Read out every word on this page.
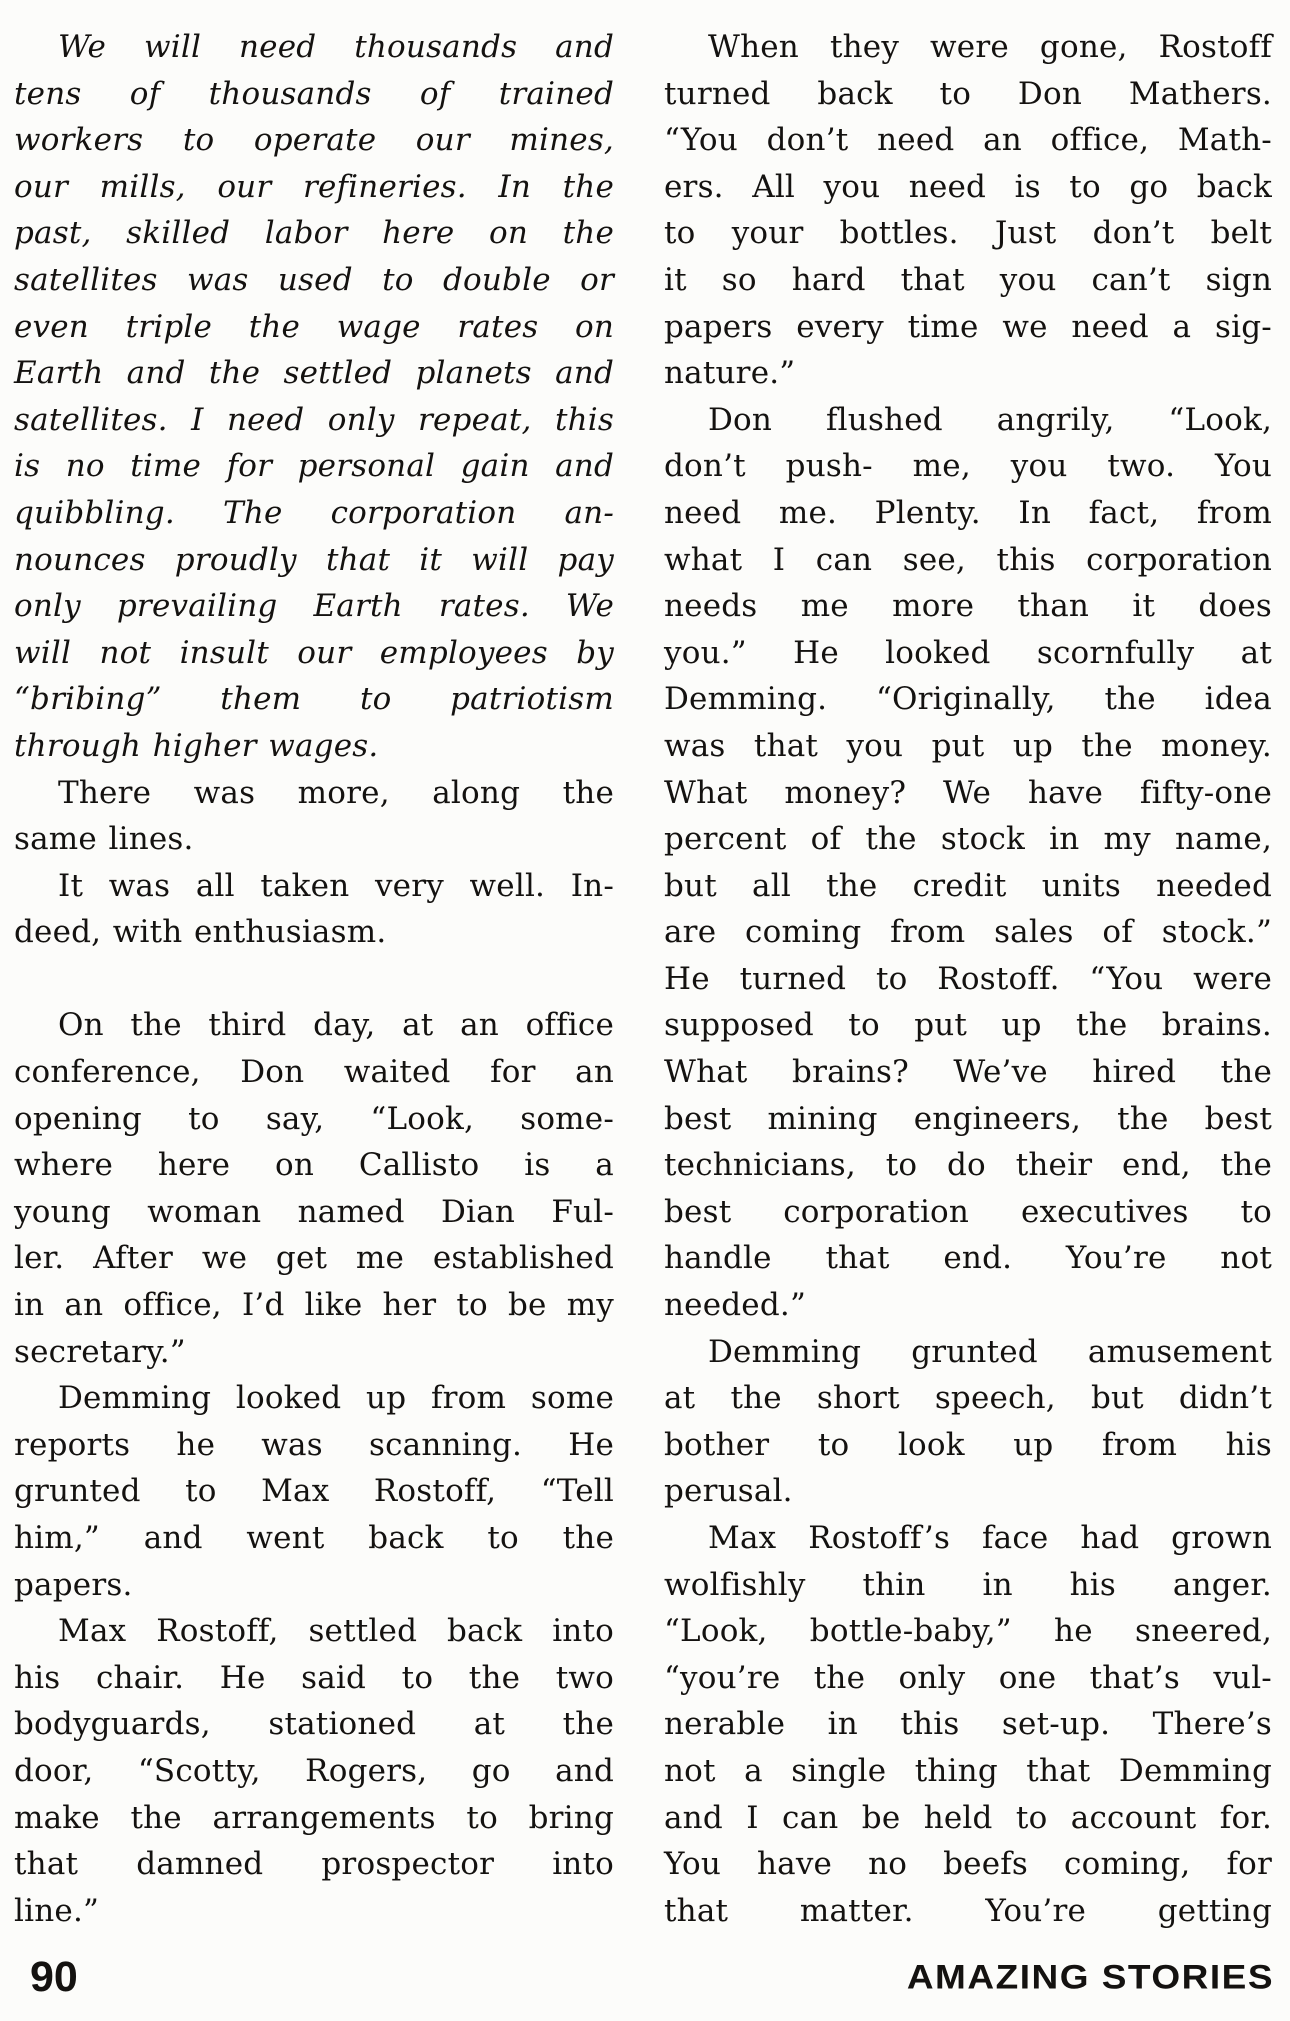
We will need thousands and
tens of thousands of trained
workers to operate our mines,
our mills, our refineries. In the
past, skilled labor here on the
satellites was used to double or
even triple the wage rates on
Earth and the settled planets and
satellites. I need only repeat, this
is no time for personal gain and
quibbling. The corporation an-
nounces proudly that it will pay
only prevailing Earth rates. We
will not insult our employees by
“bribing” them to patriotism
through higher wages.
There was more, along the
same lines.
It was all taken very well. In-
deed, with enthusiasm.
On the third day, at an office
conference, Don waited for an
opening to say, “Look, some-
where here on Callisto is a
young woman named Dian Ful-
ler. After we get me established
in an office, I’d like her to be my
secretary.”
Demming looked up from some
reports he was scanning. He
grunted to Max Rostoff, “Tell
him,” and went back to the
papers.
Max Rostoff, settled back into
his chair. He said to the two
bodyguards, stationed at the
door, “Scotty, Rogers, go and
make the arrangements to bring
that damned prospector into
line.”
When they were gone, Rostoff
turned back to Don Mathers.
“You don’t need an office, Math-
ers. All you need is to go back
to your bottles. Just don’t belt
it so hard that you can’t sign
papers every time we need a sig-
nature.”
Don flushed angrily, “Look,
don’t push- me, you two. You
need me. Plenty. In fact, from
what I can see, this corporation
needs me more than it does
you.” He looked scornfully at
Demming. “Originally, the idea
was that you put up the money.
What money? We have fifty-one
percent of the stock in my name,
but all the credit units needed
are coming from sales of stock.”
He turned to Rostoff. “You were
supposed to put up the brains.
What brains? We’ve hired the
best mining engineers, the best
technicians, to do their end, the
best corporation executives to
handle that end. You’re not
needed.”
Demming grunted amusement
at the short speech, but didn’t
bother to look up from his
perusal.
Max Rostoff’s face had grown
wolfishly thin in his anger.
“Look, bottle-baby,” he sneered,
“you’re the only one that’s vul-
nerable in this set-up. There’s
not a single thing that Demming
and I can be held to account for.
You have no beefs coming, for
that matter. You’re getting
90	AMAZING STORIES
